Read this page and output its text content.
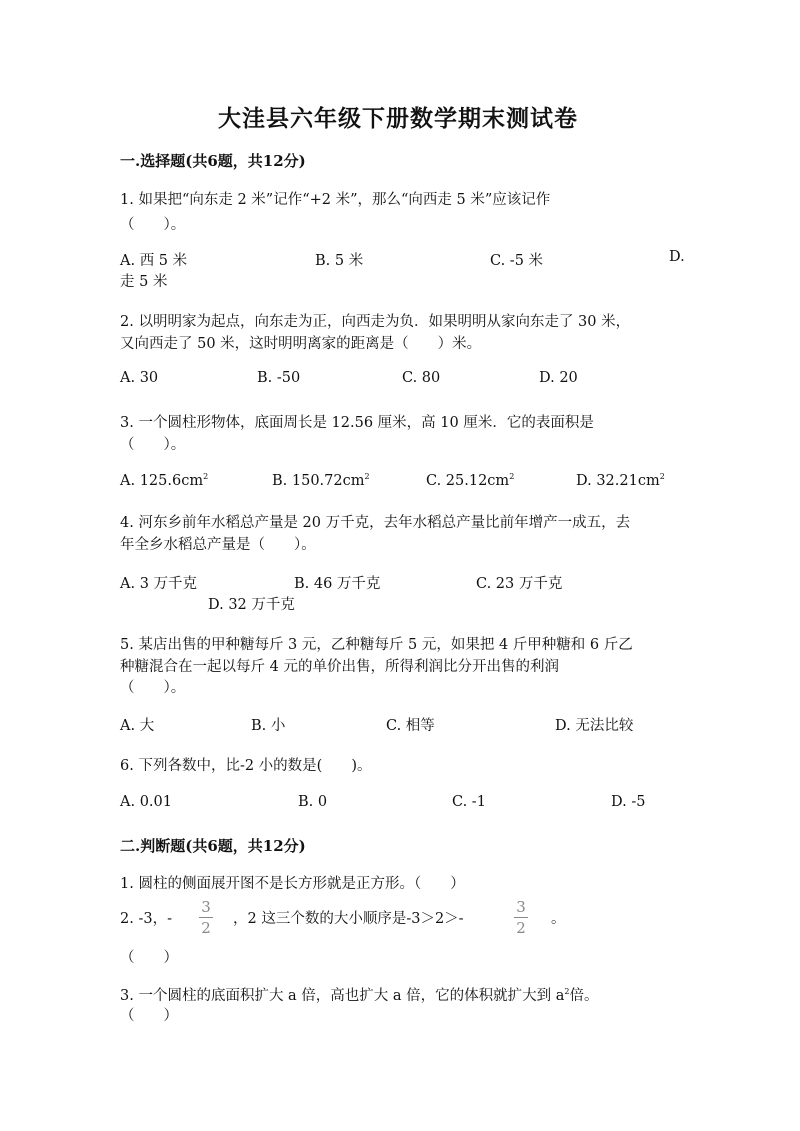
大洼县六年级下册数学期末测试卷
一.选择题(共6题，共12分)
1. 如果把“向东走 2 米”记作“+2 米”，那么“向西走 5 米”应该记作
（　　）。
A. 西 5 米	B. 5 米	C. -5 米	D.
走 5 米
2. 以明明家为起点，向东走为正，向西走为负．如果明明从家向东走了 30 米，
又向西走了 50 米，这时明明离家的距离是（　　）米。
A. 30	B. -50	C. 80	D. 20
3. 一个圆柱形物体，底面周长是 12.56 厘米，高 10 厘米．它的表面积是
（　　）。
A. $125.6cm^2$	B. $150.72cm^2$	C. $25.12cm^2$	D. $32.21cm^2$
4. 河东乡前年水稻总产量是 20 万千克，去年水稻总产量比前年增产一成五，去
年全乡水稻总产量是（　　）。
A. 3 万千克	B. 46 万千克	C. 23 万千克
D. 32 万千克
5. 某店出售的甲种糖每斤 3 元，乙种糖每斤 5 元，如果把 4 斤甲种糖和 6 斤乙
种糖混合在一起以每斤 4 元的单价出售，所得利润比分开出售的利润
（　　）。
A. 大	B. 小	C. 相等	D. 无法比较
6. 下列各数中，比-2 小的数是(　　)。
A. 0.01	B. 0	C. -1	D. -5
二.判断题(共6题，共12分)
1. 圆柱的侧面展开图不是长方形就是正方形。（　　）
2. -3，-
3
2 ，2 这三个数的大小顺序是-3＞2＞-
3
2 。
（　　）
3. 一个圆柱的底面积扩大 a 倍，高也扩大 a 倍，它的体积就扩大到 $a^2$倍。
（　　）
